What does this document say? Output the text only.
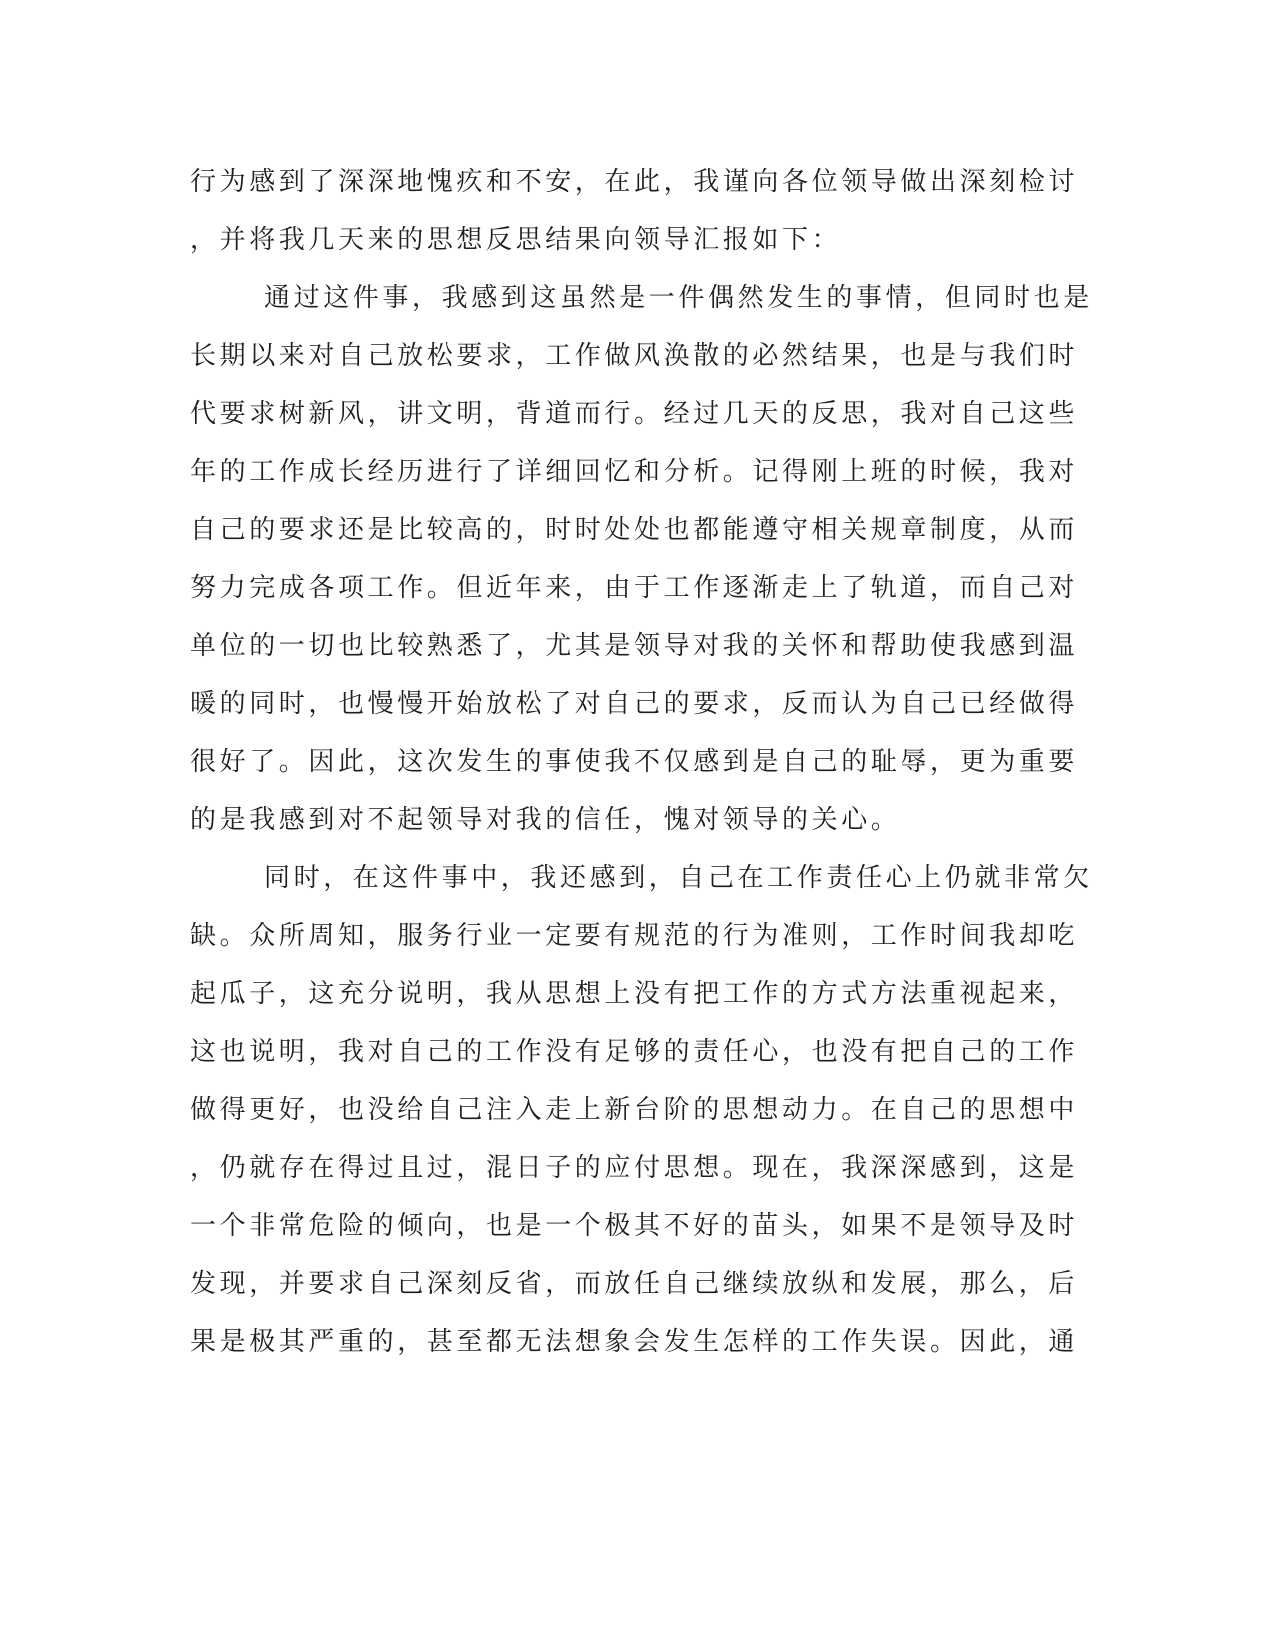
行为感到了深深地愧疚和不安，在此，我谨向各位领导做出深刻检讨
，并将我几天来的思想反思结果向领导汇报如下：
通过这件事，我感到这虽然是一件偶然发生的事情，但同时也是
长期以来对自己放松要求，工作做风涣散的必然结果，也是与我们时
代要求树新风，讲文明，背道而行。经过几天的反思，我对自己这些
年的工作成长经历进行了详细回忆和分析。记得刚上班的时候，我对
自己的要求还是比较高的，时时处处也都能遵守相关规章制度，从而
努力完成各项工作。但近年来，由于工作逐渐走上了轨道，而自己对
单位的一切也比较熟悉了，尤其是领导对我的关怀和帮助使我感到温
暖的同时，也慢慢开始放松了对自己的要求，反而认为自己已经做得
很好了。因此，这次发生的事使我不仅感到是自己的耻辱，更为重要
的是我感到对不起领导对我的信任，愧对领导的关心。
同时，在这件事中，我还感到，自己在工作责任心上仍就非常欠
缺。众所周知，服务行业一定要有规范的行为准则，工作时间我却吃
起瓜子，这充分说明，我从思想上没有把工作的方式方法重视起来，
这也说明，我对自己的工作没有足够的责任心，也没有把自己的工作
做得更好，也没给自己注入走上新台阶的思想动力。在自己的思想中
，仍就存在得过且过，混日子的应付思想。现在，我深深感到，这是
一个非常危险的倾向，也是一个极其不好的苗头，如果不是领导及时
发现，并要求自己深刻反省，而放任自己继续放纵和发展，那么，后
果是极其严重的，甚至都无法想象会发生怎样的工作失误。因此，通
